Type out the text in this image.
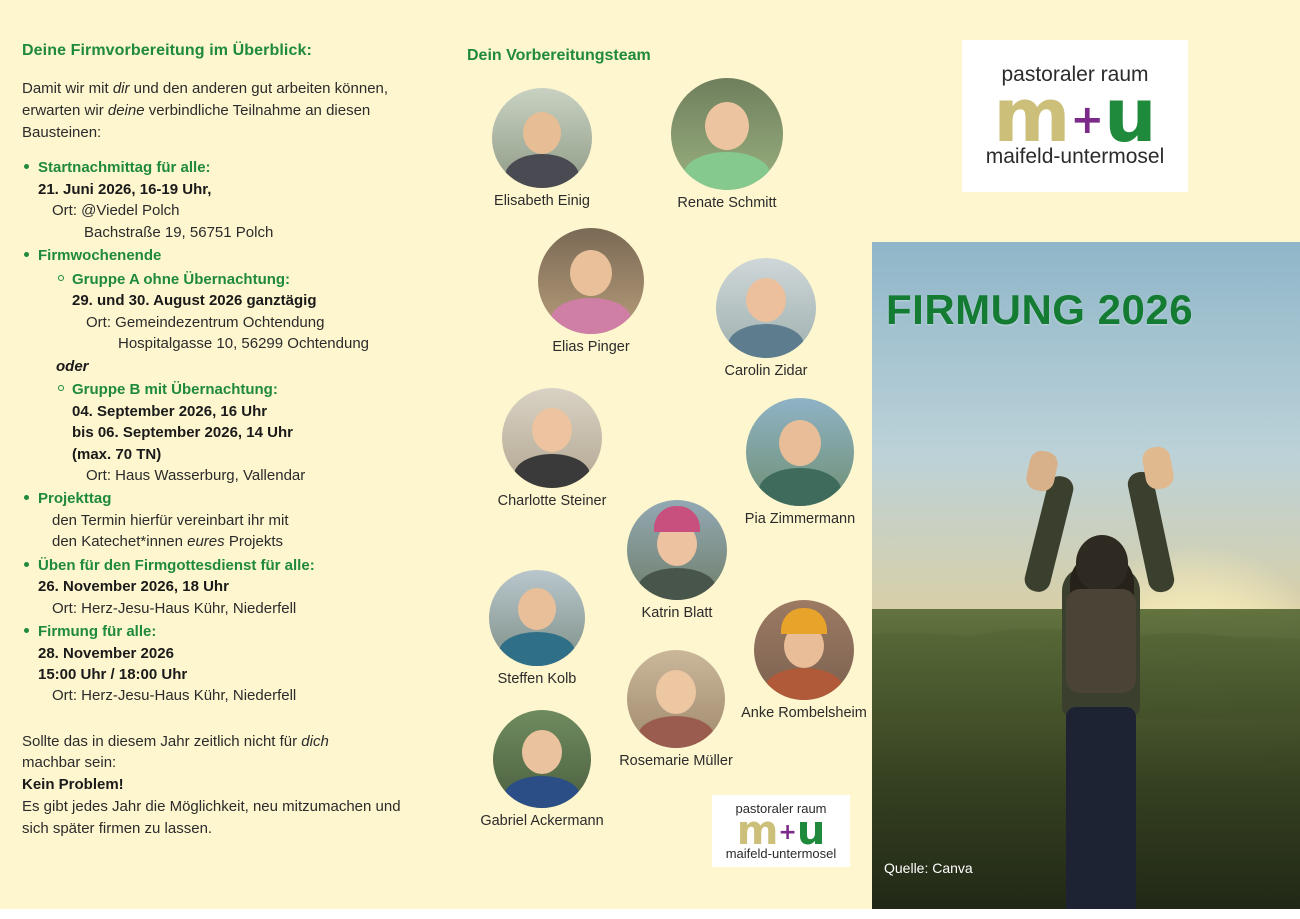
Deine Firmvorbereitung im Überblick:

Damit wir mit dir und den anderen gut arbeiten können, erwarten wir deine verbindliche Teilnahme an diesen Bausteinen:

Startnachmittag für alle:
21. Juni 2026, 16-19 Uhr,
Ort: @Viedel Polch
Bachstraße 19, 56751 Polch
Firmwochenende
Gruppe A ohne Übernachtung:
29. und 30. August 2026 ganztägig
Ort: Gemeindezentrum Ochtendung
Hospitalgasse 10, 56299 Ochtendung
oder
Gruppe B mit Übernachtung:
04. September 2026, 16 Uhr
bis 06. September 2026, 14 Uhr
(max. 70 TN)
Ort: Haus Wasserburg, Vallendar
Projekttag
den Termin hierfür vereinbart ihr mit
den Katechet*innen eures Projekts
Üben für den Firmgottesdienst für alle:
26. November 2026, 18 Uhr
Ort: Herz-Jesu-Haus Kühr, Niederfell
Firmung für alle:
28. November 2026
15:00 Uhr / 18:00 Uhr
Ort: Herz-Jesu-Haus Kühr, Niederfell

Sollte das in diesem Jahr zeitlich nicht für dich

machbar sein:

Kein Problem!

Es gibt jedes Jahr die Möglichkeit, neu mitzumachen und sich später firmen zu lassen.

Dein Vorbereitungsteam
Elisabeth Einig	Renate Schmitt
Elias Pinger
Carolin Zidar
Charlotte Steiner
Pia Zimmermann
Katrin Blatt
Steffen Kolb
Anke Rombelsheim
Rosemarie Müller
Gabriel Ackermann
pastoraler raum
m + u
maifeld-untermosel
pastoraler raum
m + u
maifeld-untermosel
FIRMUNG 2026
Quelle: Canva
